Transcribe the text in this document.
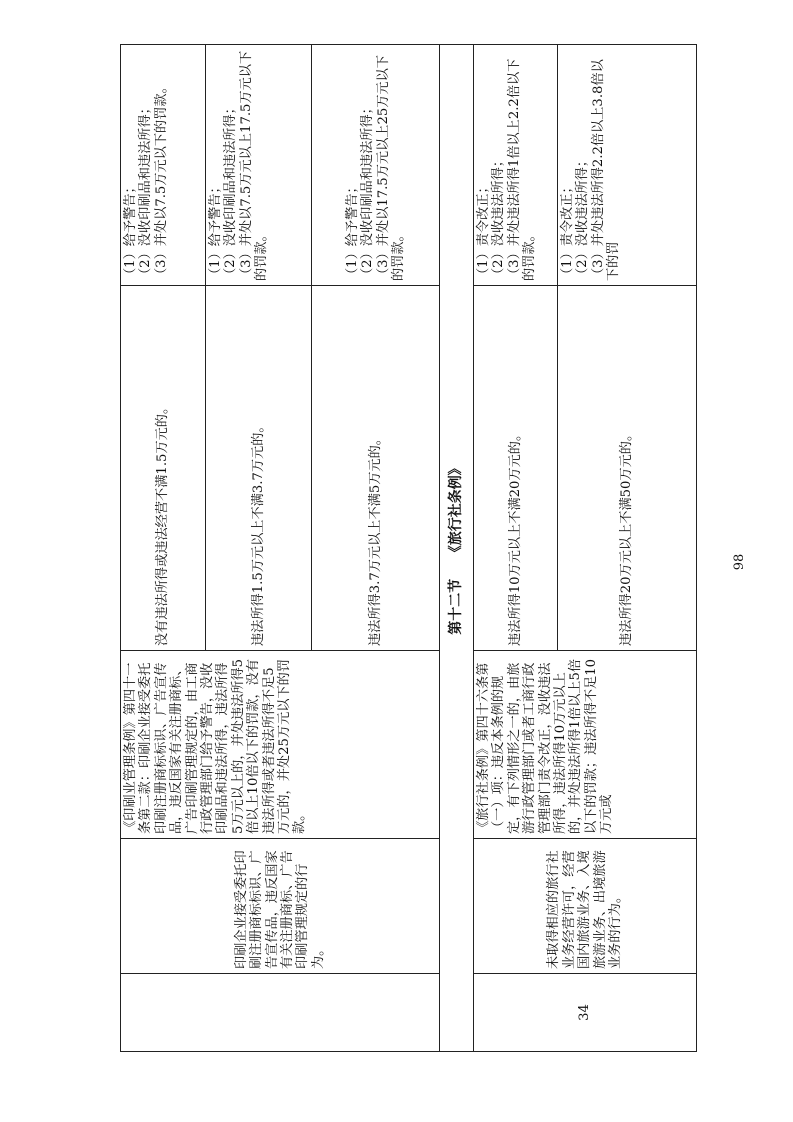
	印刷企业接受委托印刷注册商标标识、广告宣传品，违反国家有关注册商标、广告印刷管理规定的行为。	《印刷业管理条例》第四十一条第二款：印刷企业接受委托印刷注册商标标识、广告宣传品，违反国家有关注册商标、广告印刷管理规定的，由工商行政管理部门给予警告，没收印刷品和违法所得，违法所得5万元以上的，并处违法所得5倍以上10倍以下的罚款，没有违法所得或者违法所得不足5万元的，并处25万元以下的罚款。	没有违法所得或违法经营不满1.5万元的。	（1）给予警告； （2）没收印刷品和违法所得； （3）并处以7.5万元以下的罚款。

			违法所得1.5万元以上不满3.7万元的。	（1）给予警告； （2）没收印刷品和违法所得； （3）并处以7.5万元以上17.5万元以下的罚款。

			违法所得3.7万元以上不满5万元的。	（1）给予警告； （2）没收印刷品和违法所得； （3）并处以17.5万元以上25万元以下的罚款。

第十二节    《旅行社条例》				
34	未取得相应的旅行社业务经营许可，经营国内旅游业务、入境旅游业务、出境旅游业务的行为。	《旅行社条例》第四十六条第（一）项：违反本条例的规定，有下列情形之一的，由旅游行政管理部门或者工商行政管理部门责令改正，没收违法所得，违法所得10万元以上的，并处违法所得1倍以上5倍以下的罚款；违法所得不足10万元或	违法所得10万元以上不满20万元的。	（1）责令改正； （2）没收违法所得； （3）并处违法所得1倍以上2.2倍以下的罚款。

			违法所得20万元以上不满50万元的。	（1）责令改正； （2）没收违法所得； （3）并处违法所得2.2倍以上3.8倍以下的罚
98
